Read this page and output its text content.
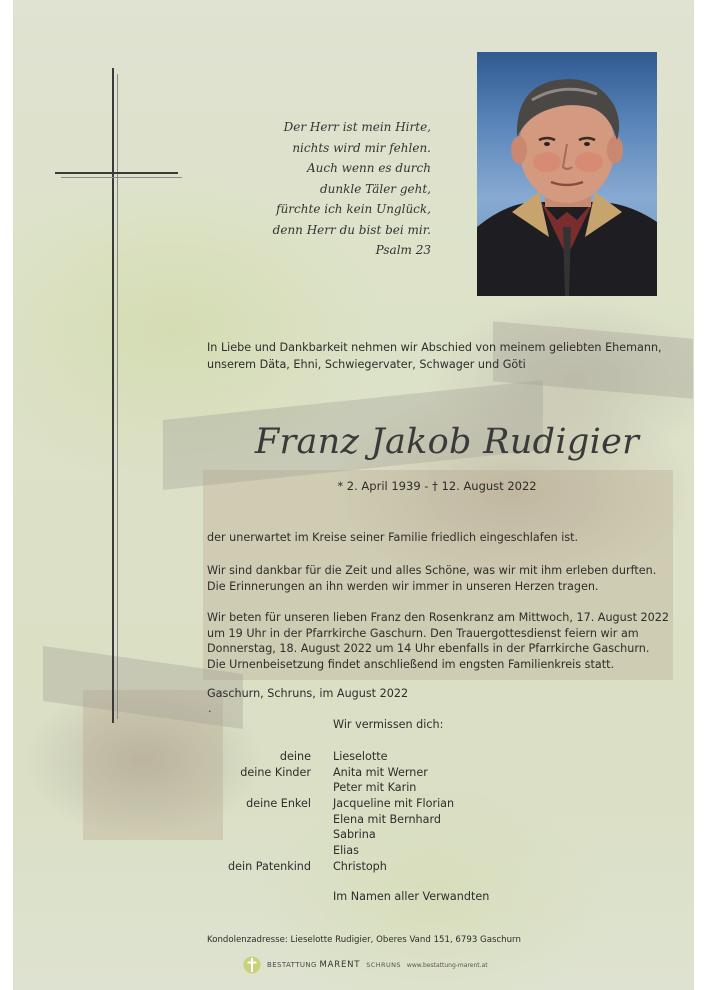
Der Herr ist mein Hirte,
nichts wird mir fehlen.
Auch wenn es durch
dunkle Täler geht,
fürchte ich kein Unglück,
denn Herr du bist bei mir.
Psalm 23
In Liebe und Dankbarkeit nehmen wir Abschied von meinem geliebten Ehemann,
unserem Däta, Ehni, Schwiegervater, Schwager und Göti
Franz Jakob Rudigier
* 2. April 1939 - † 12. August 2022
der unerwartet im Kreise seiner Familie friedlich eingeschlafen ist.
Wir sind dankbar für die Zeit und alles Schöne, was wir mit ihm erleben durften.
Die Erinnerungen an ihn werden wir immer in unseren Herzen tragen.
Wir beten für unseren lieben Franz den Rosenkranz am Mittwoch, 17. August 2022
um 19 Uhr in der Pfarrkirche Gaschurn. Den Trauergottesdienst feiern wir am
Donnerstag, 18. August 2022 um 14 Uhr ebenfalls in der Pfarrkirche Gaschurn.
Die Urnenbeisetzung findet anschließend im engsten Familienkreis statt.
Gaschurn, Schruns, im August 2022
.
Wir vermissen dich:
deine Lieselotte
deine Kinder Anita mit Werner
Peter mit Karin
deine Enkel Jacqueline mit Florian
Elena mit Bernhard
Sabrina
Elias
dein Patenkind Christoph
Im Namen aller Verwandten
Kondolenzadresse: Lieselotte Rudigier, Oberes Vand 151, 6793 Gaschurn
BESTATTUNG MARENT SCHRUNS www.bestattung-marent.at
